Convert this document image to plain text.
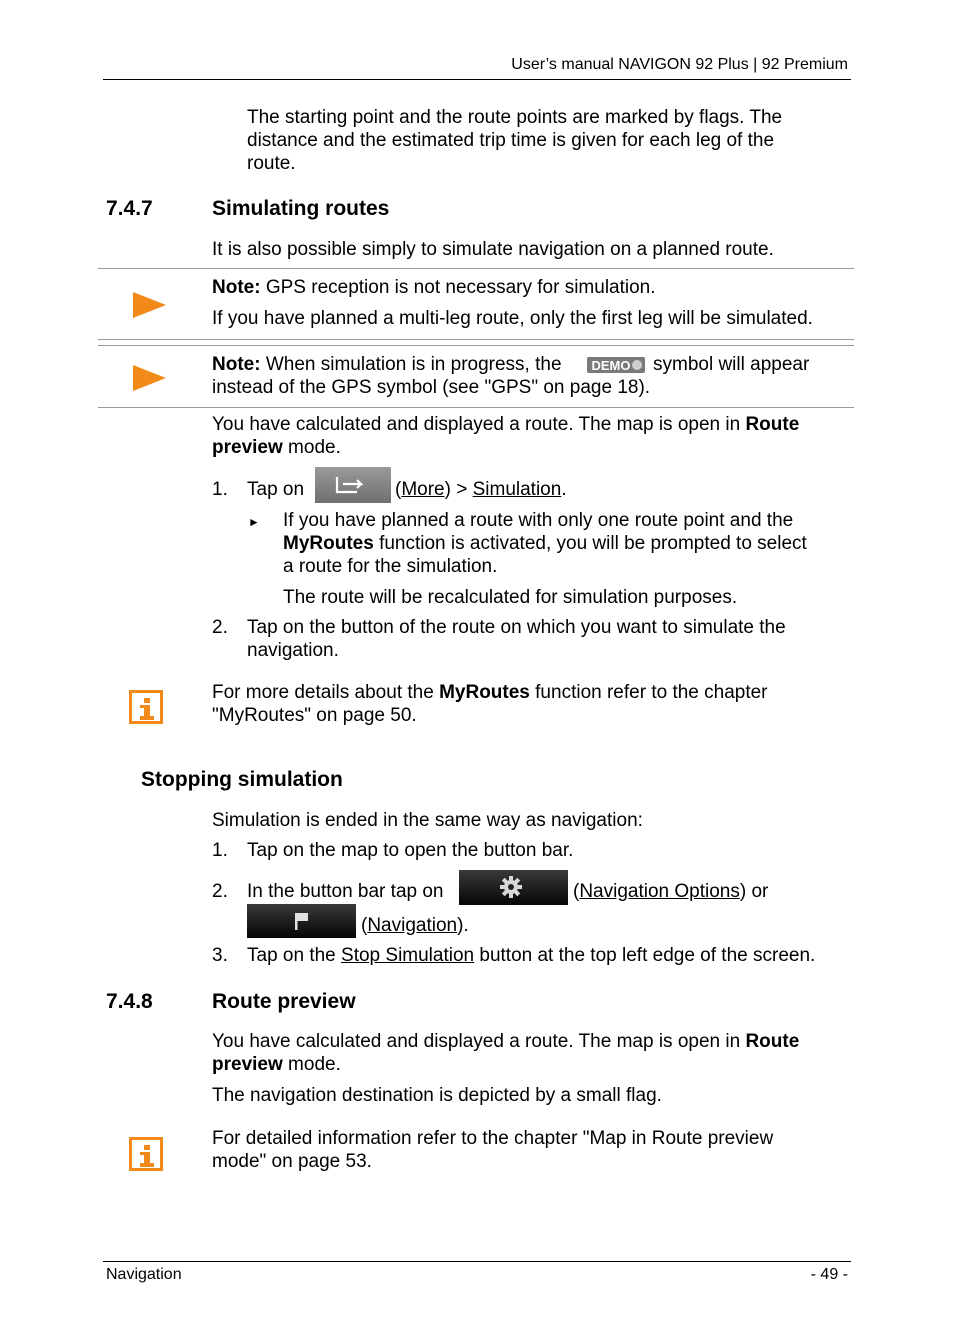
User’s manual NAVIGON 92 Plus | 92 Premium
The starting point and the route points are marked by flags. The
distance and the estimated trip time is given for each leg of the
route.
7.4.7	Simulating routes
It is also possible simply to simulate navigation on a planned route.
Note: GPS reception is not necessary for simulation.
If you have planned a multi-leg route, only the first leg will be simulated.
Note: When simulation is in progress, the
instead of the GPS symbol (see "GPS" on page 18).
DEMO symbol will appear
You have calculated and displayed a route. The map is open in Route
preview mode.
1. Tap on	(More) > Simulation.
► If you have planned a route with only one route point and the
MyRoutes function is activated, you will be prompted to select
a route for the simulation.
The route will be recalculated for simulation purposes.
2. Tap on the button of the route on which you want to simulate the
navigation.
For more details about the MyRoutes function refer to the chapter
"MyRoutes" on page 50.
Stopping simulation
Simulation is ended in the same way as navigation:
1. Tap on the map to open the button bar.
2. In the button bar tap on	(Navigation Options) or
(Navigation).
3. Tap on the Stop Simulation button at the top left edge of the screen.
7.4.8	Route preview
You have calculated and displayed a route. The map is open in Route
preview mode.
The navigation destination is depicted by a small flag.
For detailed information refer to the chapter "Map in Route preview
mode" on page 53.
Navigation	- 49 -
